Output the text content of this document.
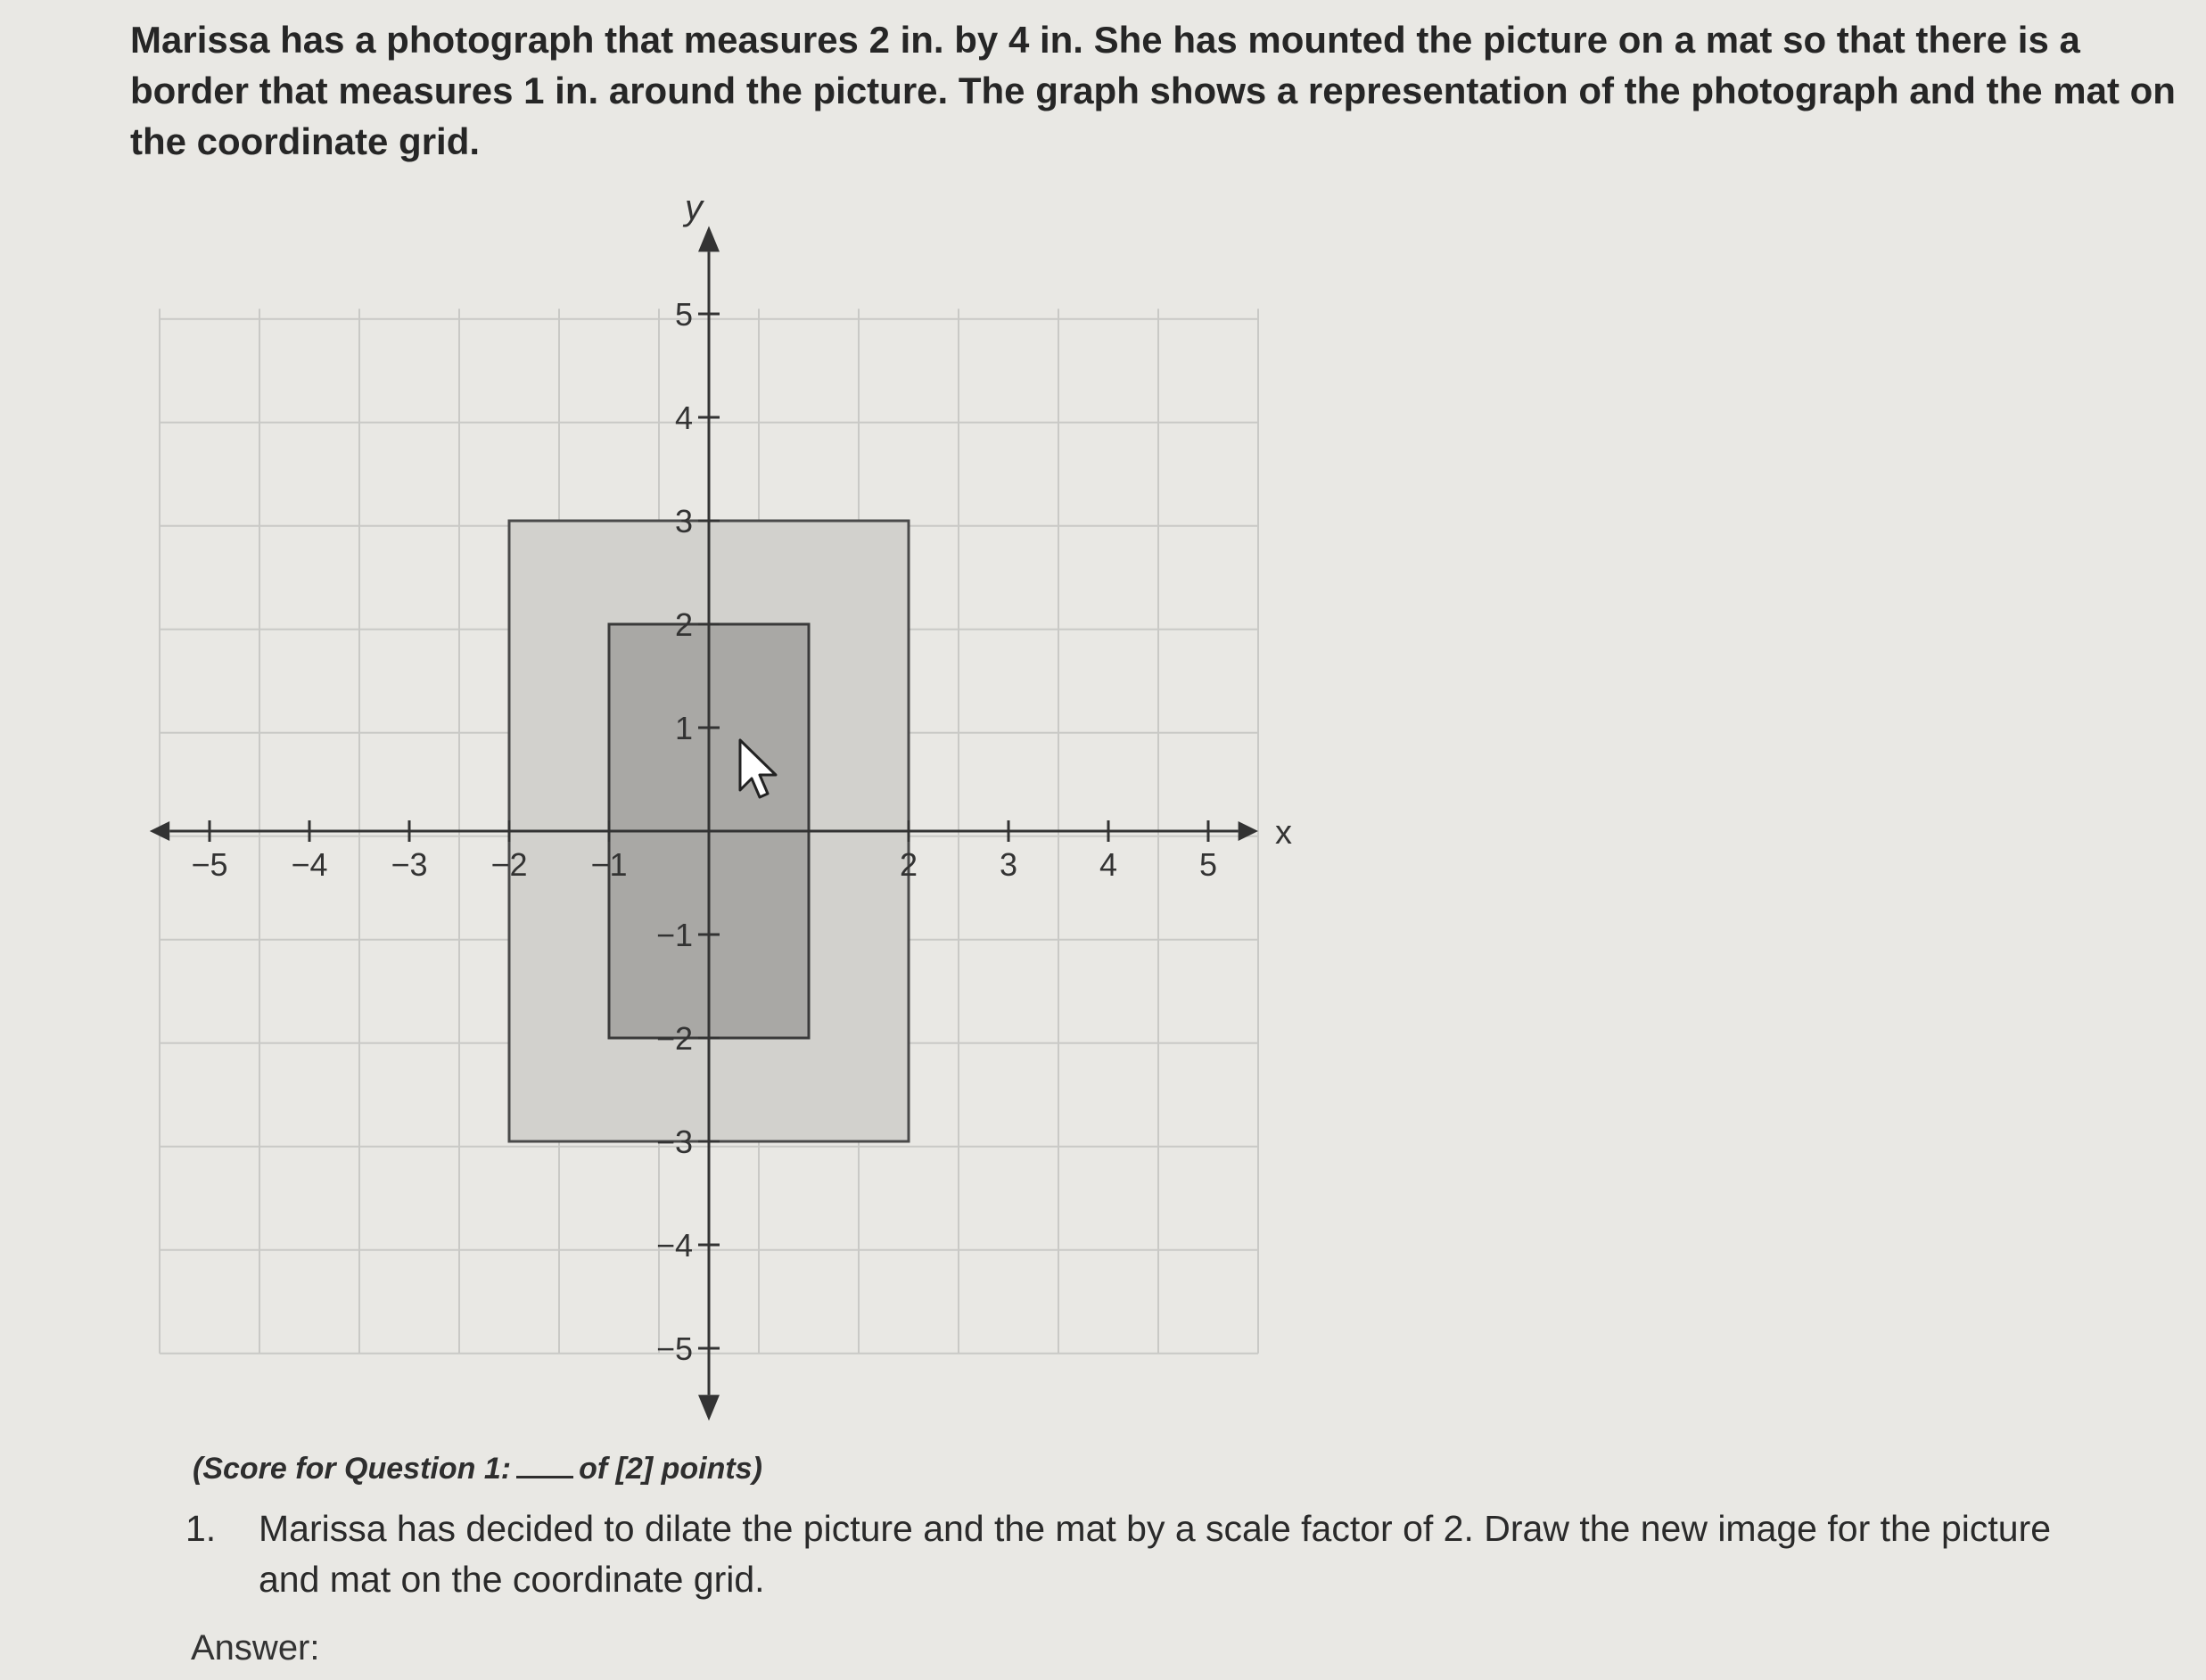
Marissa has a photograph that measures 2 in. by 4 in. She has mounted the picture on a mat so that there is a border that measures 1 in. around the picture. The graph shows a representation of the photograph and the mat on the coordinate grid.

−5 −4 −3 −2 −1	2	3	4	5
5
4
3
2
1
−1
−2
−3
−4
−5
x
y
(Score for Question 1: of [2] points)
1. Marissa has decided to dilate the picture and the mat by a scale factor of 2. Draw the new image for the picture and mat on the coordinate grid.
Answer:
